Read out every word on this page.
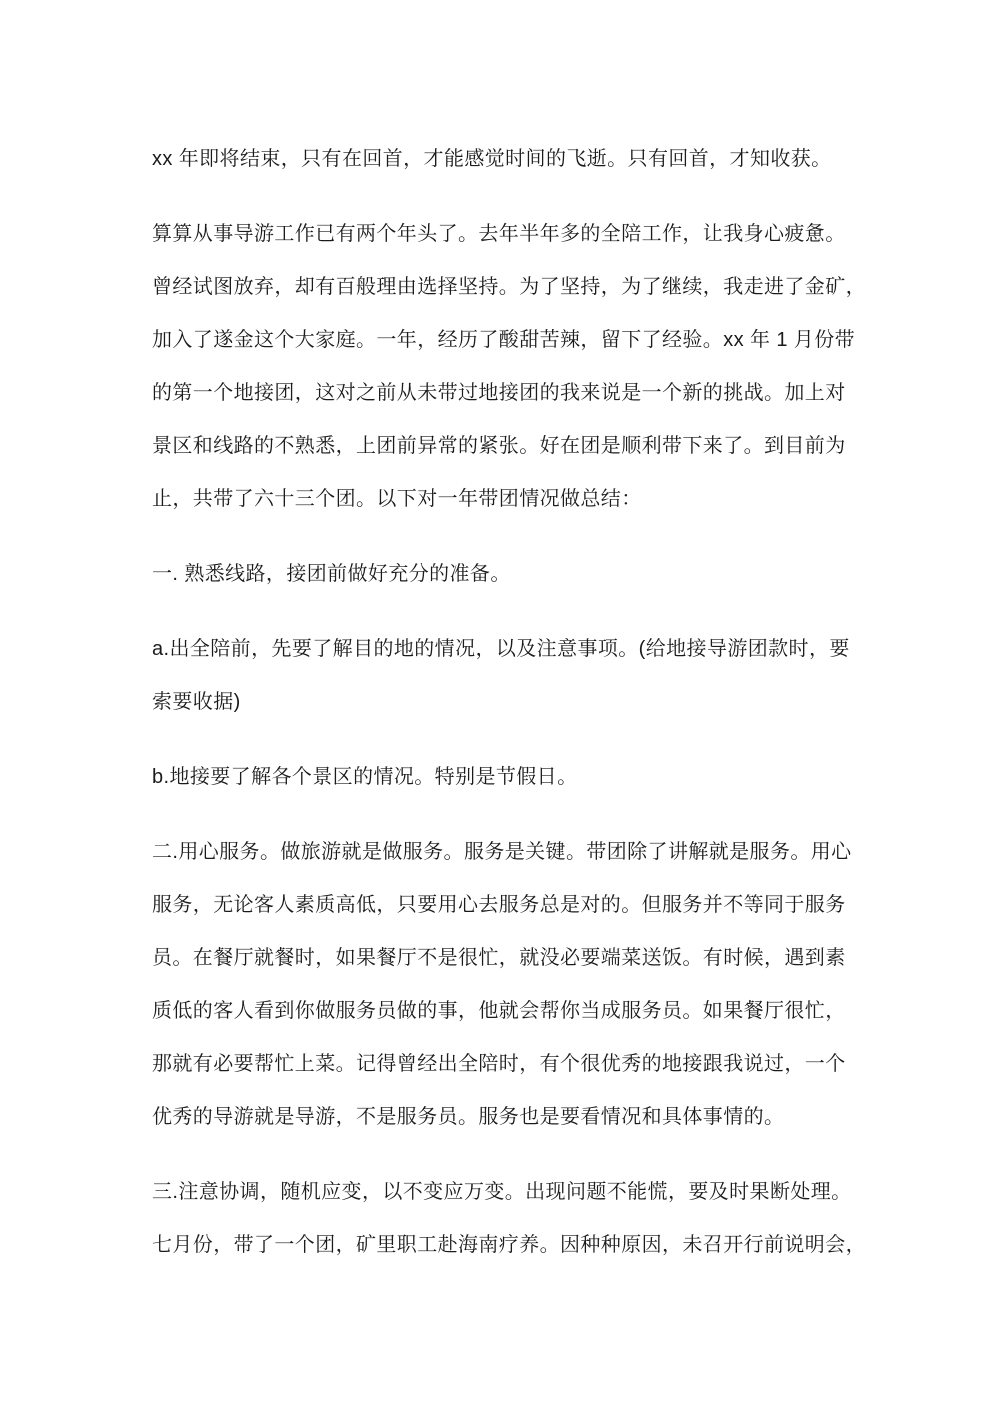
xx 年即将结束，只有在回首，才能感觉时间的飞逝。只有回首，才知收获。

算算从事导游工作已有两个年头了。去年半年多的全陪工作，让我身心疲惫。
曾经试图放弃，却有百般理由选择坚持。为了坚持，为了继续，我走进了金矿，
加入了遂金这个大家庭。一年，经历了酸甜苦辣，留下了经验。xx 年 1 月份带
的第一个地接团，这对之前从未带过地接团的我来说是一个新的挑战。加上对
景区和线路的不熟悉，上团前异常的紧张。好在团是顺利带下来了。到目前为
止，共带了六十三个团。以下对一年带团情况做总结：

一. 熟悉线路，接团前做好充分的准备。

a.出全陪前，先要了解目的地的情况，以及注意事项。(给地接导游团款时，要
索要收据)

b.地接要了解各个景区的情况。特别是节假日。

二.用心服务。做旅游就是做服务。服务是关键。带团除了讲解就是服务。用心
服务，无论客人素质高低，只要用心去服务总是对的。但服务并不等同于服务
员。在餐厅就餐时，如果餐厅不是很忙，就没必要端菜送饭。有时候，遇到素
质低的客人看到你做服务员做的事，他就会帮你当成服务员。如果餐厅很忙，
那就有必要帮忙上菜。记得曾经出全陪时，有个很优秀的地接跟我说过，一个
优秀的导游就是导游，不是服务员。服务也是要看情况和具体事情的。

三.注意协调，随机应变，以不变应万变。出现问题不能慌，要及时果断处理。
七月份，带了一个团，矿里职工赴海南疗养。因种种原因，未召开行前说明会，
